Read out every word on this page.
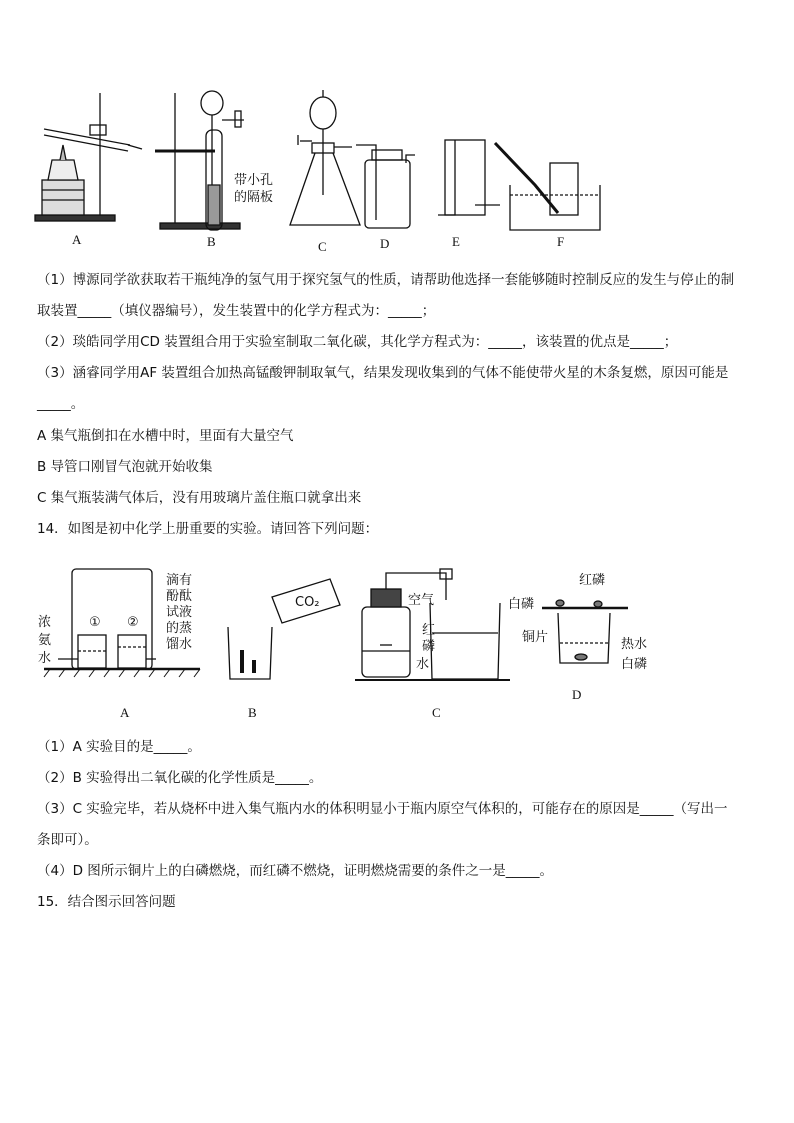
带小孔
的隔板
A	B	C	D	E	F
（1）博源同学欲获取若干瓶纯净的氢气用于探究氢气的性质，请帮助他选择一套能够随时控制反应的发生与停止的制
取装置_____（填仪器编号），发生装置中的化学方程式为：_____；
（2）琰皓同学用CD 装置组合用于实验室制取二氧化碳，其化学方程式为：_____，该装置的优点是_____；
（3）涵睿同学用AF 装置组合加热高锰酸钾制取氧气，结果发现收集到的气体不能使带火星的木条复燃，原因可能是
_____。
A 集气瓶倒扣在水槽中时，里面有大量空气
B 导管口刚冒气泡就开始收集
C 集气瓶装满气体后，没有用玻璃片盖住瓶口就拿出来
14．如图是初中化学上册重要的实验。请回答下列问题：
浓
氨
水
① ②
滴有
酚酞
试液
的蒸
馏水
CO₂	空气
红
磷
水
红磷
白磷
铜片	热水
白磷
A	B	C
D
（1）A 实验目的是_____。
（2）B 实验得出二氧化碳的化学性质是_____。
（3）C 实验完毕，若从烧杯中进入集气瓶内水的体积明显小于瓶内原空气体积的，可能存在的原因是_____（写出一
条即可）。
（4）D 图所示铜片上的白磷燃烧，而红磷不燃烧，证明燃烧需要的条件之一是_____。
15．结合图示回答问题
